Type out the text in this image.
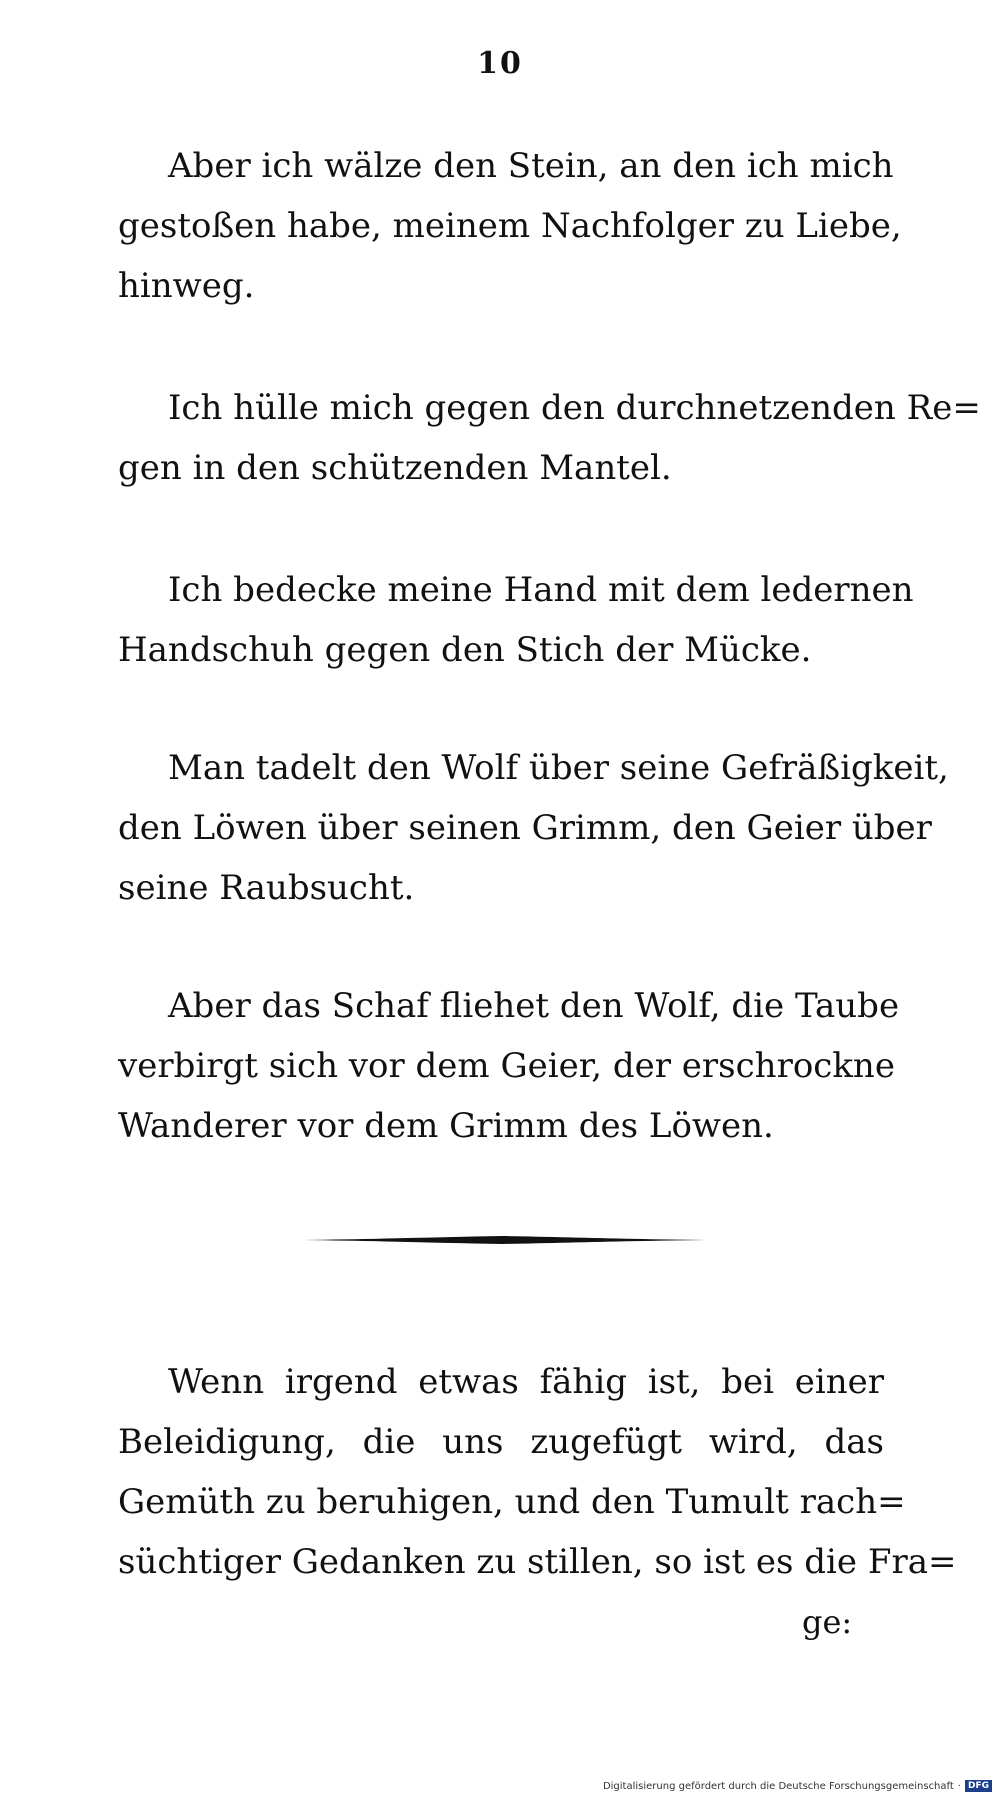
10
Aber ich wälze den Stein, an den ich mich
gestoßen habe, meinem Nachfolger zu Liebe,
hinweg.
Ich hülle mich gegen den durchnetzenden Re=
gen in den schützenden Mantel.
Ich bedecke meine Hand mit dem ledernen
Handschuh gegen den Stich der Mücke.
Man tadelt den Wolf über seine Gefräßigkeit,
den Löwen über seinen Grimm, den Geier über
seine Raubsucht.
Aber das Schaf fliehet den Wolf, die Taube
verbirgt sich vor dem Geier, der erschrockne
Wanderer vor dem Grimm des Löwen.
Wenn irgend etwas fähig ist, bei einer
Beleidigung, die uns zugefügt wird, das
Gemüth zu beruhigen, und den Tumult rach=
süchtiger Gedanken zu stillen, so ist es die Fra=
ge:
Digitalisierung gefördert durch die Deutsche Forschungsgemeinschaft · DFG
